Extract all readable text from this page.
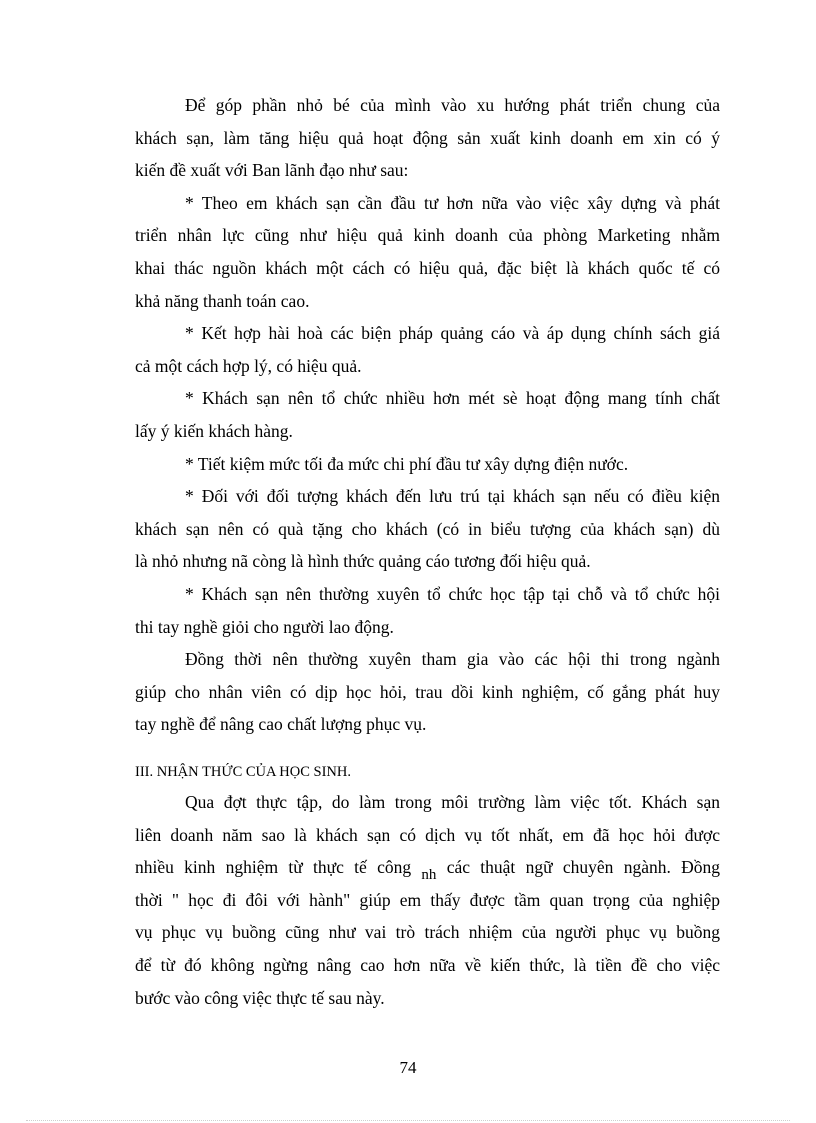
Để góp phần nhỏ bé của mình vào xu hướng phát triển chung của
khách sạn, làm tăng hiệu quả hoạt động sản xuất kinh doanh em xin có ý
kiến đề xuất với Ban lãnh đạo như sau:
* Theo em khách sạn cần đầu tư hơn nữa vào việc xây dựng và phát
triển nhân lực cũng như hiệu quả kinh doanh của phòng Marketing nhằm
khai thác nguồn khách một cách có hiệu quả, đặc biệt là khách quốc tế có
khả năng thanh toán cao.
* Kết hợp hài hoà các biện pháp quảng cáo và áp dụng chính sách giá
cả một cách hợp lý, có hiệu quả.
* Khách sạn nên tổ chức nhiều hơn mét sè hoạt động mang tính chất
lấy ý kiến khách hàng.
* Tiết kiệm mức tối đa mức chi phí đầu tư xây dựng điện nước.
* Đối với đối tượng khách đến lưu trú tại khách sạn nếu có điều kiện
khách sạn nên có quà tặng cho khách (có in biểu tượng của khách sạn) dù
là nhỏ nhưng nã còng là hình thức quảng cáo tương đối hiệu quả.
* Khách sạn nên thường xuyên tổ chức học tập tại chỗ và tổ chức hội
thi tay nghề giỏi cho người lao động.
Đồng thời nên thường xuyên tham gia vào các hội thi trong ngành
giúp cho nhân viên có dịp học hỏi, trau dồi kinh nghiệm, cố gắng phát huy
tay nghề để nâng cao chất lượng phục vụ.
III. NHẬN THỨC CỦA HỌC SINH.
Qua đợt thực tập, do làm trong môi trường làm việc tốt. Khách sạn
liên doanh năm sao là khách sạn có dịch vụ tốt nhất, em đã học hỏi được
nhiều kinh nghiệm từ thực tế công nh các thuật ngữ chuyên ngành. Đồng
thời " học đi đôi với hành" giúp em thấy được tầm quan trọng của nghiệp
vụ phục vụ buồng cũng như vai trò trách nhiệm của người phục vụ buồng
để từ đó không ngừng nâng cao hơn nữa về kiến thức, là tiền đề cho việc
bước vào công việc thực tế sau này.
74
